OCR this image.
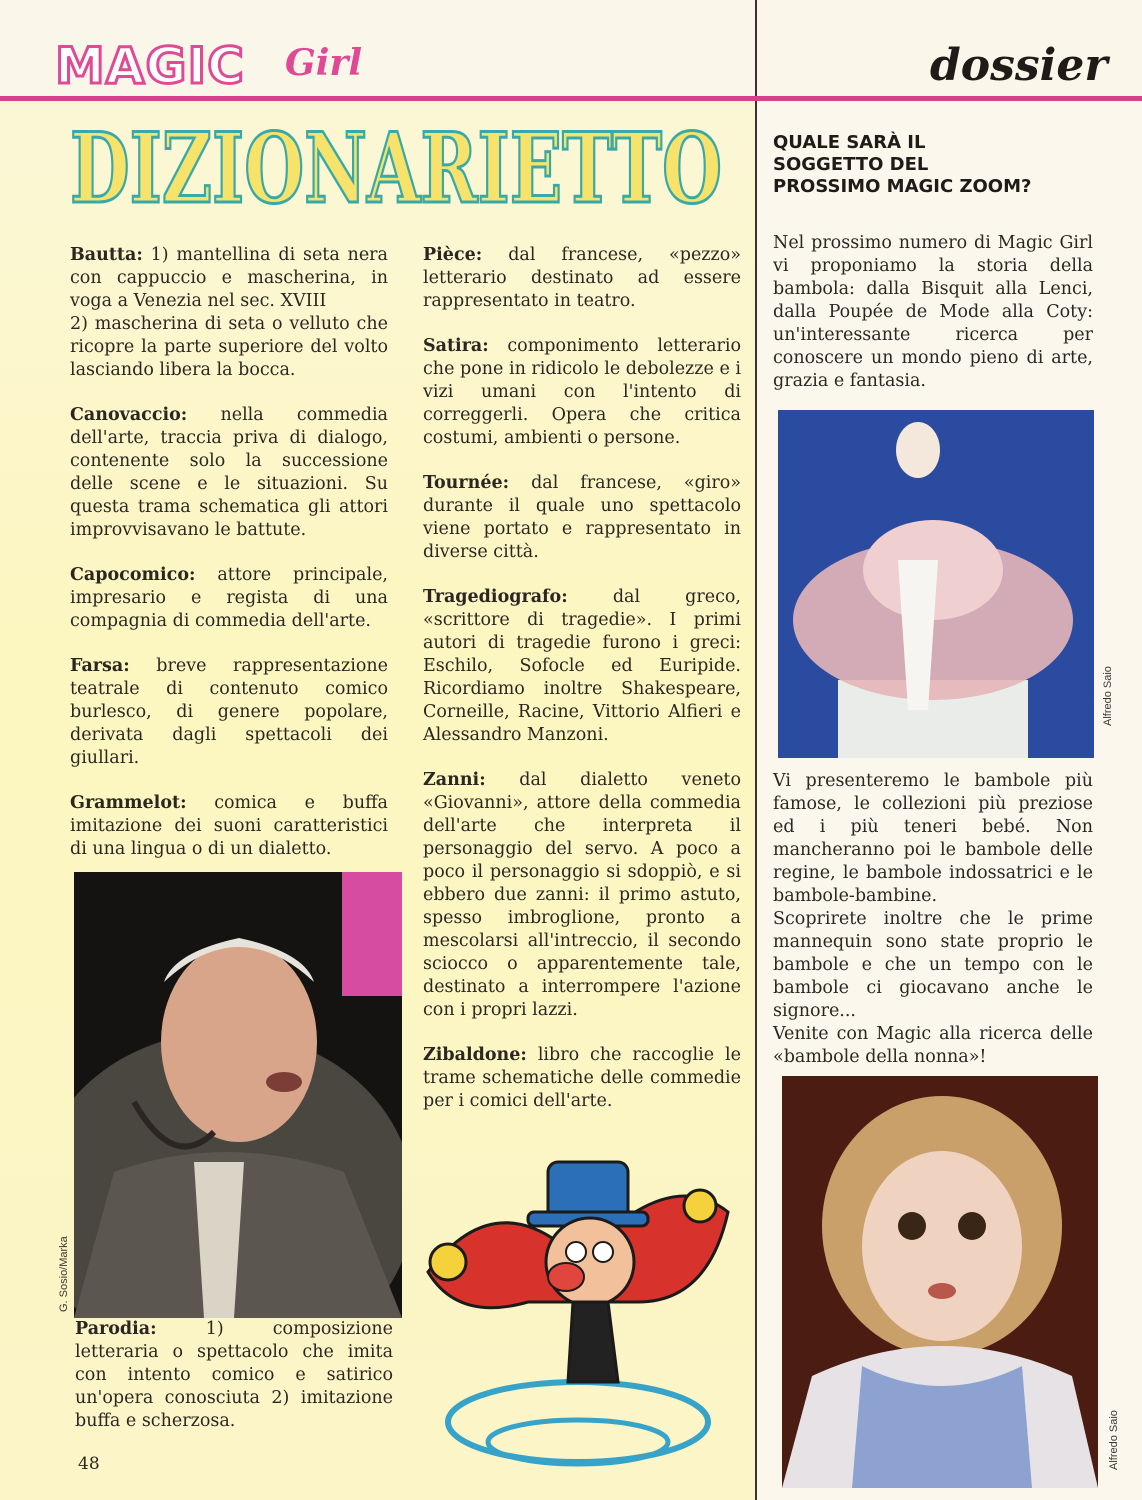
MAGIC Girl	dossier
DIZIONARIETTO

Bautta: 1) mantellina di seta nera con cappuccio e mascherina, in voga a Venezia nel sec. XVIII
2) mascherina di seta o velluto che ricopre la parte superiore del volto lasciando libera la bocca.

Canovaccio: nella commedia dell'arte, traccia priva di dialogo, contenente solo la successione delle scene e le situazioni. Su questa trama schematica gli attori improvvisavano le battute.

Capocomico: attore principale, impresario e regista di una compagnia di commedia dell'arte.

Farsa: breve rappresentazione teatrale di contenuto comico burlesco, di genere popolare, derivata dagli spettacoli dei giullari.

Grammelot: comica e buffa imitazione dei suoni caratteristici di una lingua o di un dialetto.

Pièce: dal francese, «pezzo» letterario destinato ad essere rappresentato in teatro.

Satira: componimento letterario che pone in ridicolo le debolezze e i vizi umani con l'intento di correggerli. Opera che critica costumi, ambienti o persone.

Tournée: dal francese, «giro» durante il quale uno spettacolo viene portato e rappresentato in diverse città.

Tragediografo: dal greco, «scrittore di tragedie». I primi autori di tragedie furono i greci: Eschilo, Sofocle ed Euripide. Ricordiamo inoltre Shakespeare, Corneille, Racine, Vittorio Alfieri e Alessandro Manzoni.

Zanni: dal dialetto veneto «Giovanni», attore della commedia dell'arte che interpreta il personaggio del servo. A poco a poco il personaggio si sdoppiò, e si ebbero due zanni: il primo astuto, spesso imbroglione, pronto a mescolarsi all'intreccio, il secondo sciocco o apparentemente tale, destinato a interrompere l'azione con i propri lazzi.

Zibaldone: libro che raccoglie le trame schematiche delle commedie per i comici dell'arte.

G. Sosio/Marka
Parodia: 1) composizione letteraria o spettacolo che imita con intento comico e satirico un'opera conosciuta 2) imitazione buffa e scherzosa.
48
QUALE SARÀ IL SOGGETTO DEL PROSSIMO MAGIC ZOOM?

Nel prossimo numero di Magic Girl vi proponiamo la storia della bambola: dalla Bisquit alla Lenci, dalla Poupée de Mode alla Coty: un'interessante ricerca per conoscere un mondo pieno di arte, grazia e fantasia.

Alfredo Saio

Vi presenteremo le bambole più famose, le collezioni più preziose ed i più teneri bebé. Non mancheranno poi le bambole delle regine, le bambole indossatrici e le bambole-bambine.

Scoprirete inoltre che le prime mannequin sono state proprio le bambole e che un tempo con le bambole ci giocavano anche le signore...

Venite con Magic alla ricerca delle «bambole della nonna»!

Alfredo Saio
